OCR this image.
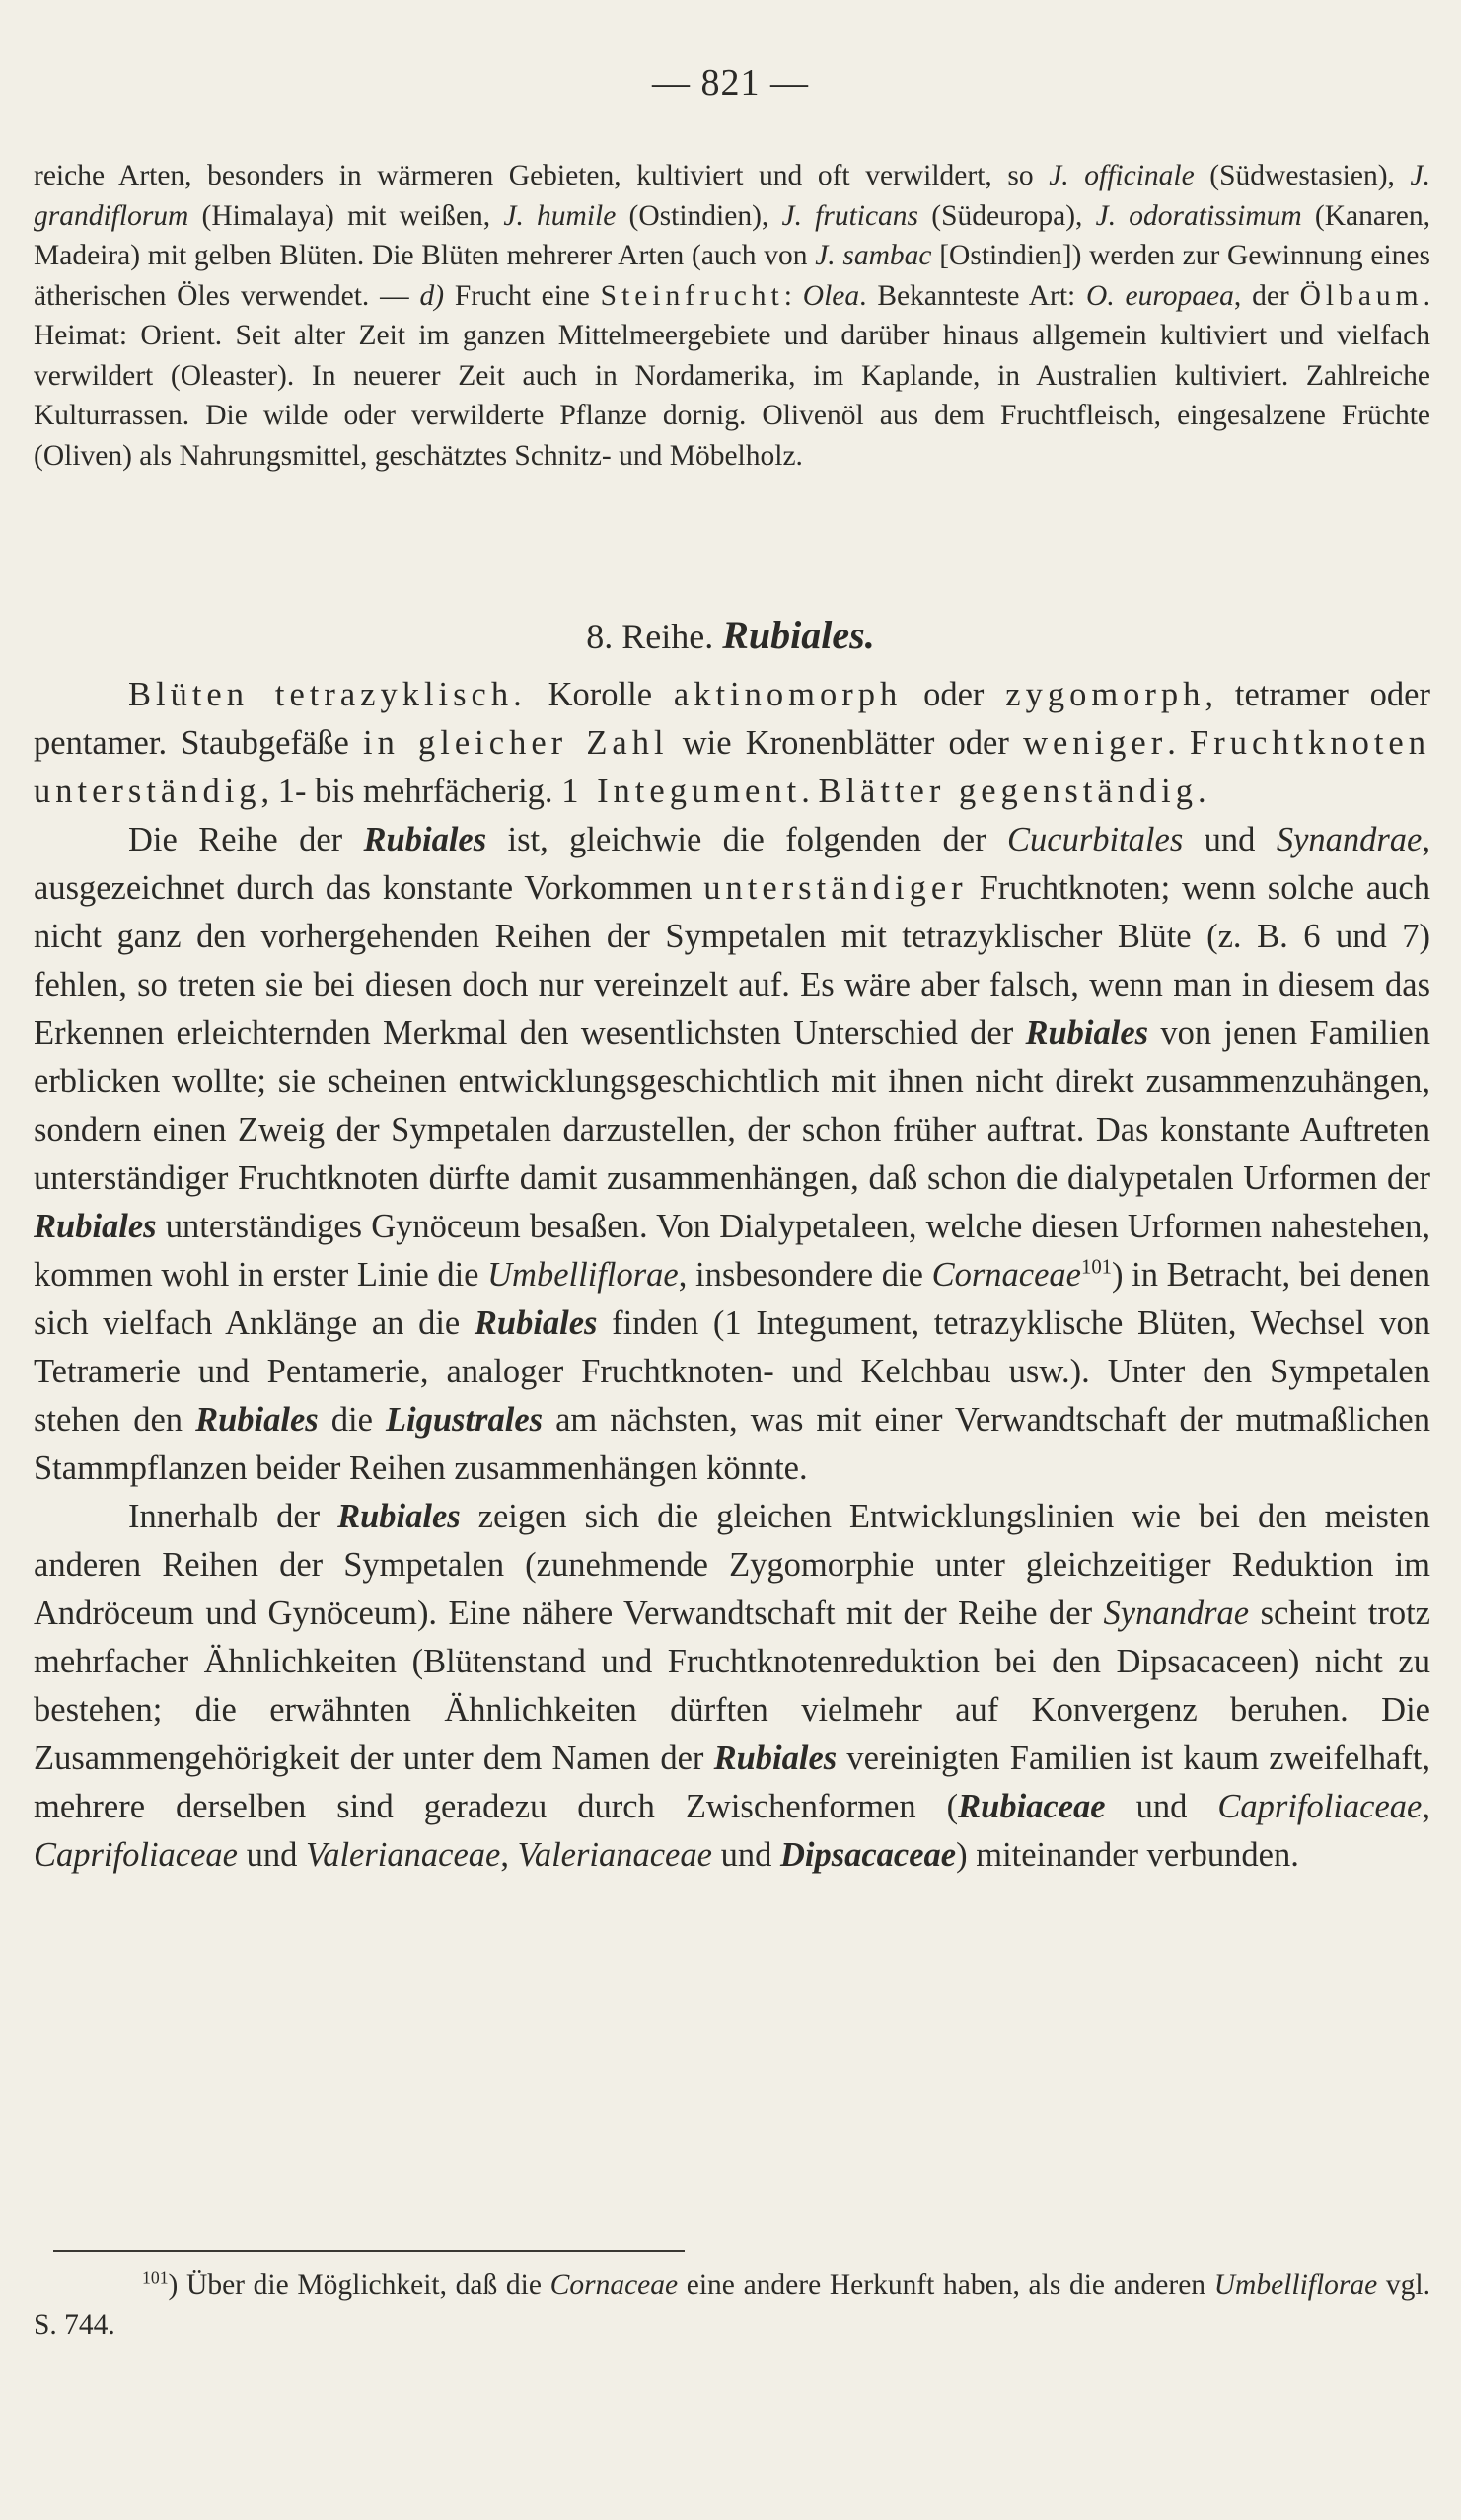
— 821 —

reiche Arten, besonders in wärmeren Gebieten, kultiviert und oft verwildert, so J. officinale (Südwestasien), J. grandiflorum (Himalaya) mit weißen, J. humile (Ostindien), J. fruticans (Südeuropa), J. odoratissimum (Kanaren, Madeira) mit gelben Blüten. Die Blüten mehrerer Arten (auch von J. sambac [Ostindien]) werden zur Gewinnung eines ätherischen Öles verwendet. — d) Frucht eine Steinfrucht: Olea. Bekannteste Art: O. europaea, der Ölbaum. Heimat: Orient. Seit alter Zeit im ganzen Mittelmeergebiete und darüber hinaus allgemein kultiviert und vielfach verwildert (Oleaster). In neuerer Zeit auch in Nordamerika, im Kaplande, in Australien kultiviert. Zahlreiche Kulturrassen. Die wilde oder verwilderte Pflanze dornig. Olivenöl aus dem Fruchtfleisch, eingesalzene Früchte (Oliven) als Nahrungsmittel, geschätztes Schnitz- und Möbelholz.

8. Reihe. Rubiales.

Blüten tetrazyklisch. Korolle aktinomorph oder zygomorph, tetramer oder pentamer. Staubgefäße in gleicher Zahl wie Kronenblätter oder weniger. Fruchtknoten unterständig, 1- bis mehrfächerig. 1 Integument. Blätter gegenständig.

Die Reihe der Rubiales ist, gleichwie die folgenden der Cucurbitales und Synandrae, ausgezeichnet durch das konstante Vorkommen unterständiger Fruchtknoten; wenn solche auch nicht ganz den vorhergehenden Reihen der Sympetalen mit tetrazyklischer Blüte (z. B. 6 und 7) fehlen, so treten sie bei diesen doch nur vereinzelt auf. Es wäre aber falsch, wenn man in diesem das Erkennen erleichternden Merkmal den wesentlichsten Unterschied der Rubiales von jenen Familien erblicken wollte; sie scheinen entwicklungsgeschichtlich mit ihnen nicht direkt zusammenzuhängen, sondern einen Zweig der Sympetalen darzustellen, der schon früher auftrat. Das konstante Auftreten unterständiger Fruchtknoten dürfte damit zusammenhängen, daß schon die dialypetalen Urformen der Rubiales unterständiges Gynöceum besaßen. Von Dialypetaleen, welche diesen Urformen nahestehen, kommen wohl in erster Linie die Umbelliflorae, insbesondere die Cornaceae$^{101}$) in Betracht, bei denen sich vielfach Anklänge an die Rubiales finden (1 Integument, tetrazyklische Blüten, Wechsel von Tetramerie und Pentamerie, analoger Fruchtknoten- und Kelchbau usw.). Unter den Sympetalen stehen den Rubiales die Ligustrales am nächsten, was mit einer Verwandtschaft der mutmaßlichen Stammpflanzen beider Reihen zusammenhängen könnte.

Innerhalb der Rubiales zeigen sich die gleichen Entwicklungslinien wie bei den meisten anderen Reihen der Sympetalen (zunehmende Zygomorphie unter gleichzeitiger Reduktion im Andröceum und Gynöceum). Eine nähere Verwandtschaft mit der Reihe der Synandrae scheint trotz mehrfacher Ähnlichkeiten (Blütenstand und Fruchtknotenreduktion bei den Dipsacaceen) nicht zu bestehen; die erwähnten Ähnlichkeiten dürften vielmehr auf Konvergenz beruhen. Die Zusammengehörigkeit der unter dem Namen der Rubiales vereinigten Familien ist kaum zweifelhaft, mehrere derselben sind geradezu durch Zwischenformen (Rubiaceae und Caprifoliaceae, Caprifoliaceae und Valerianaceae, Valerianaceae und Dipsacaceae) miteinander verbunden.

$^{101}$) Über die Möglichkeit, daß die Cornaceae eine andere Herkunft haben, als die anderen Umbelliflorae vgl. S. 744.
